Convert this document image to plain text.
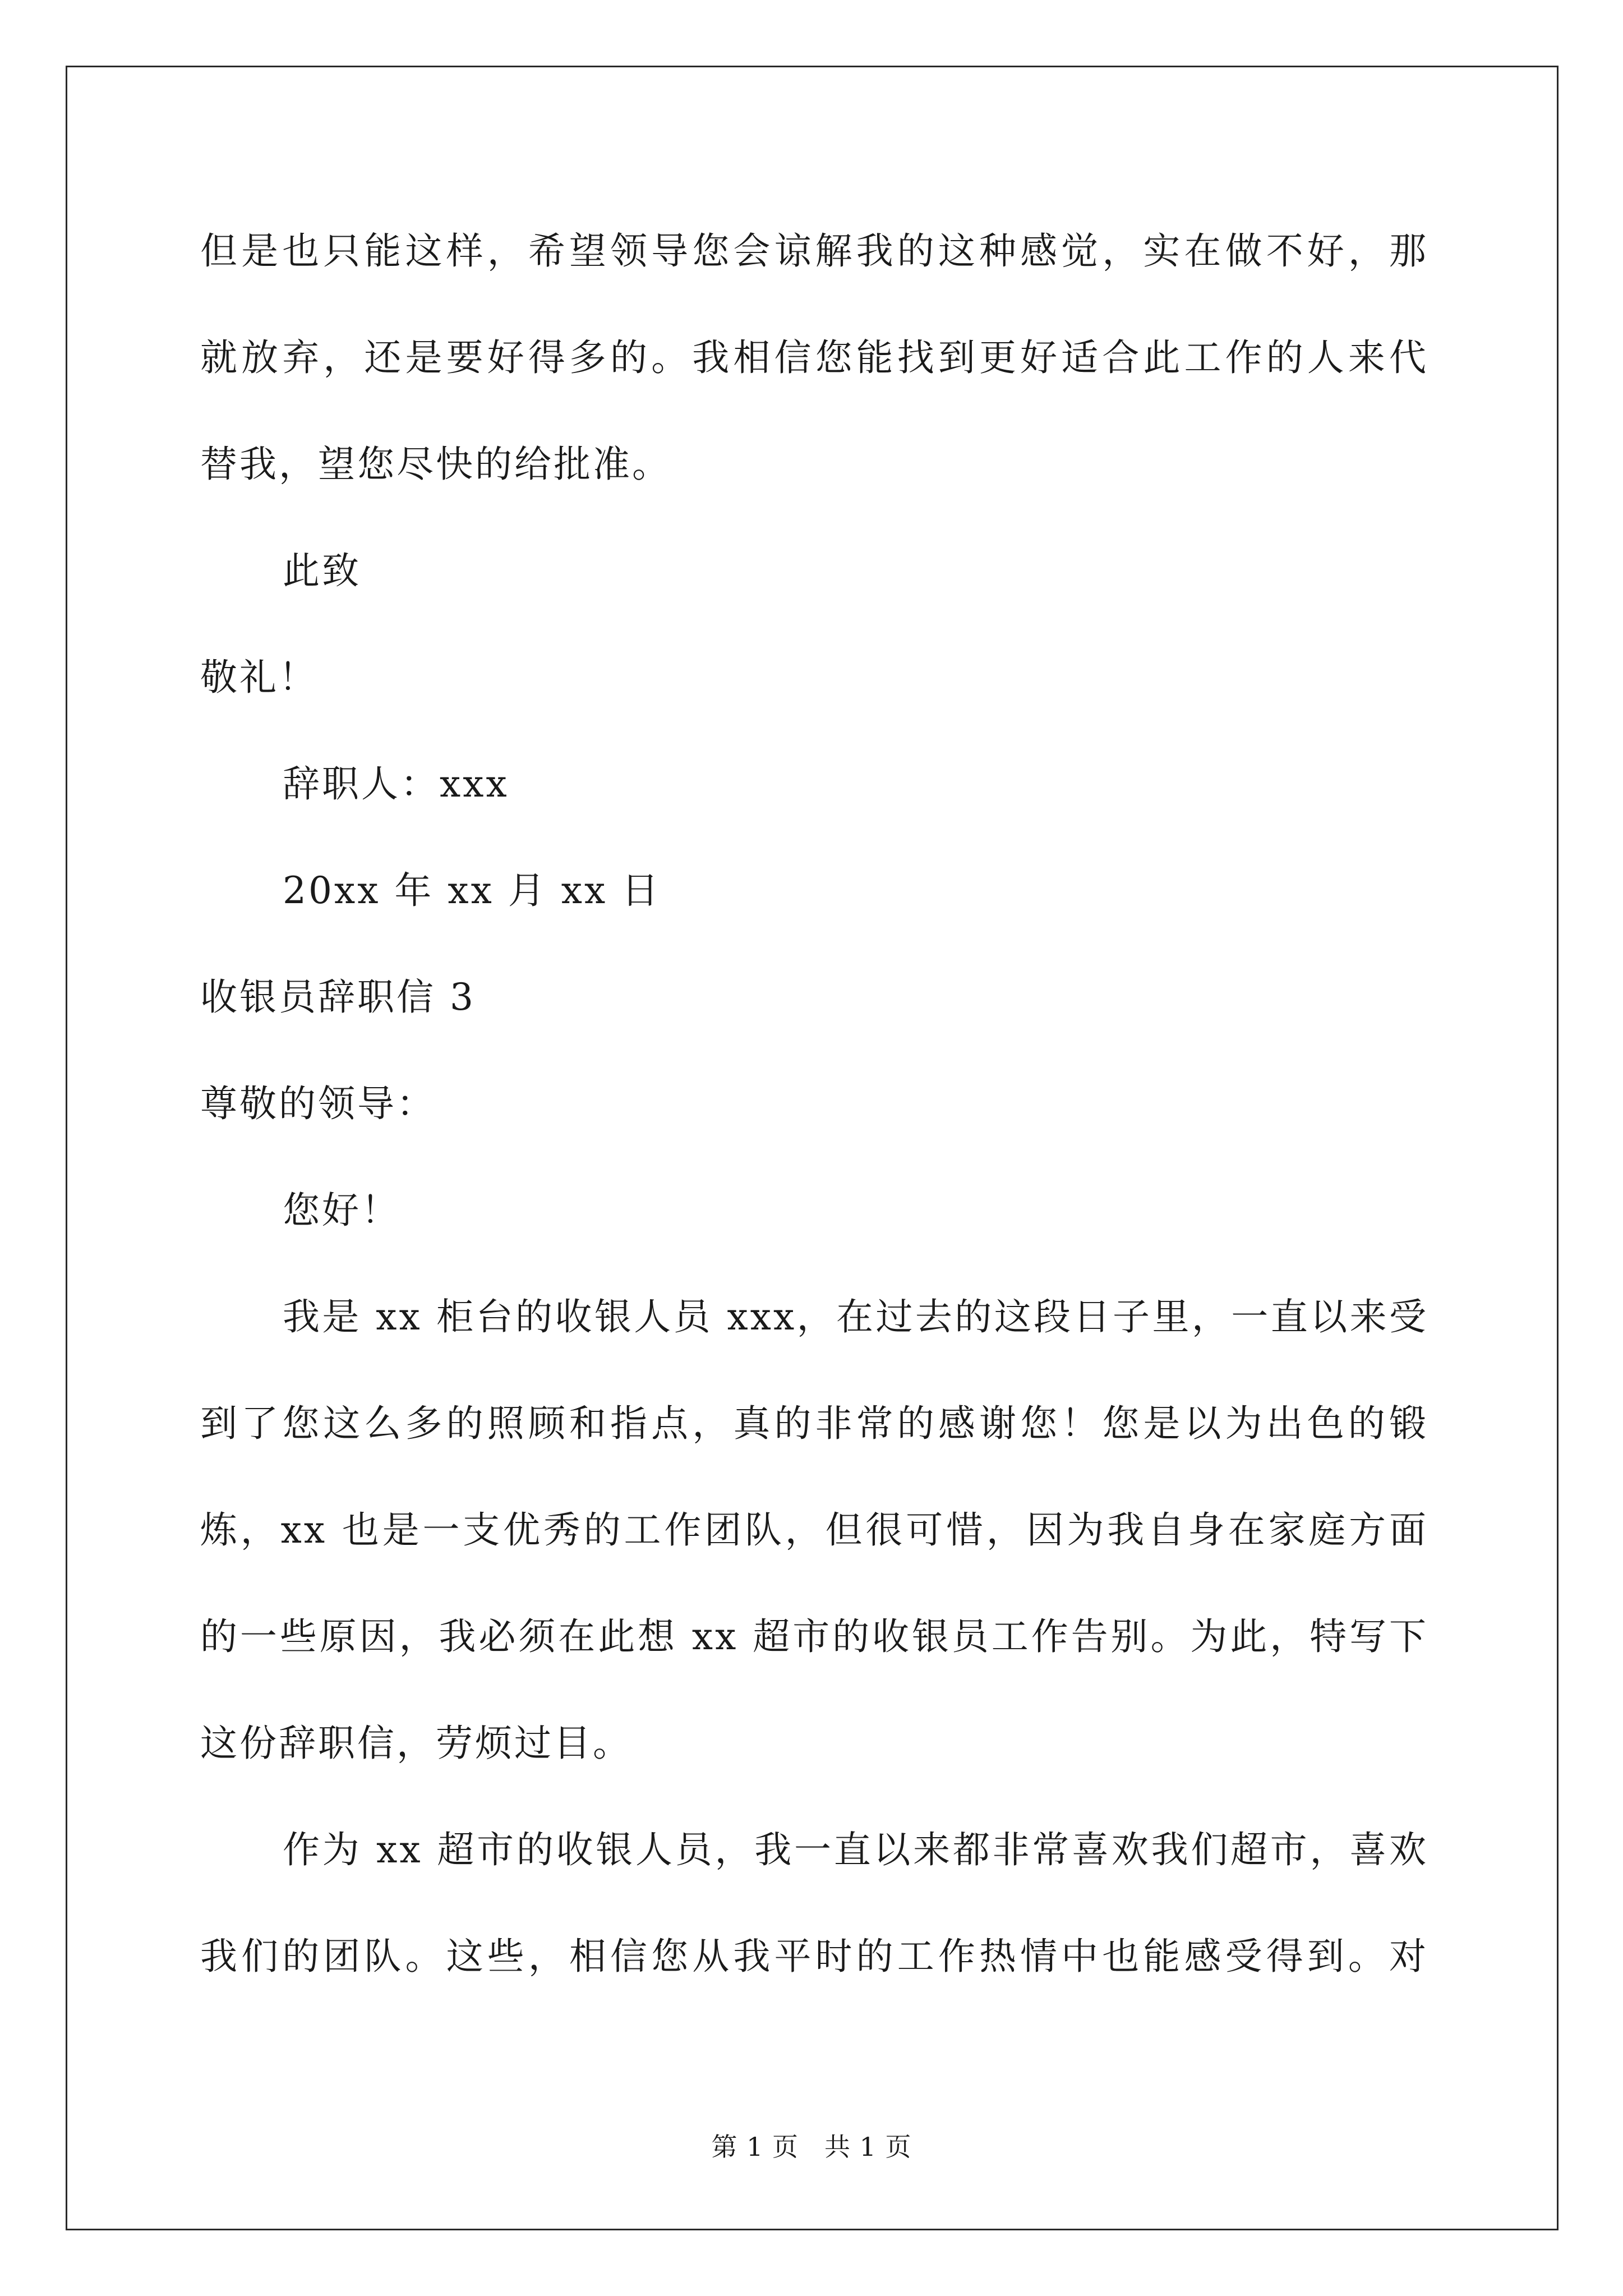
但是也只能这样，希望领导您会谅解我的这种感觉，实在做不好，那
就放弃，还是要好得多的。我相信您能找到更好适合此工作的人来代
替我，望您尽快的给批准。
此致
敬礼！
辞职人：xxx
20xx 年 xx 月 xx 日
收银员辞职信 3
尊敬的领导：
您好！
我是 xx 柜台的收银人员 xxx，在过去的这段日子里，一直以来受
到了您这么多的照顾和指点，真的非常的感谢您！您是以为出色的锻
炼，xx 也是一支优秀的工作团队，但很可惜，因为我自身在家庭方面
的一些原因，我必须在此想 xx 超市的收银员工作告别。为此，特写下
这份辞职信，劳烦过目。
作为 xx 超市的收银人员，我一直以来都非常喜欢我们超市，喜欢
我们的团队。这些，相信您从我平时的工作热情中也能感受得到。对
第 1 页 共 1 页
